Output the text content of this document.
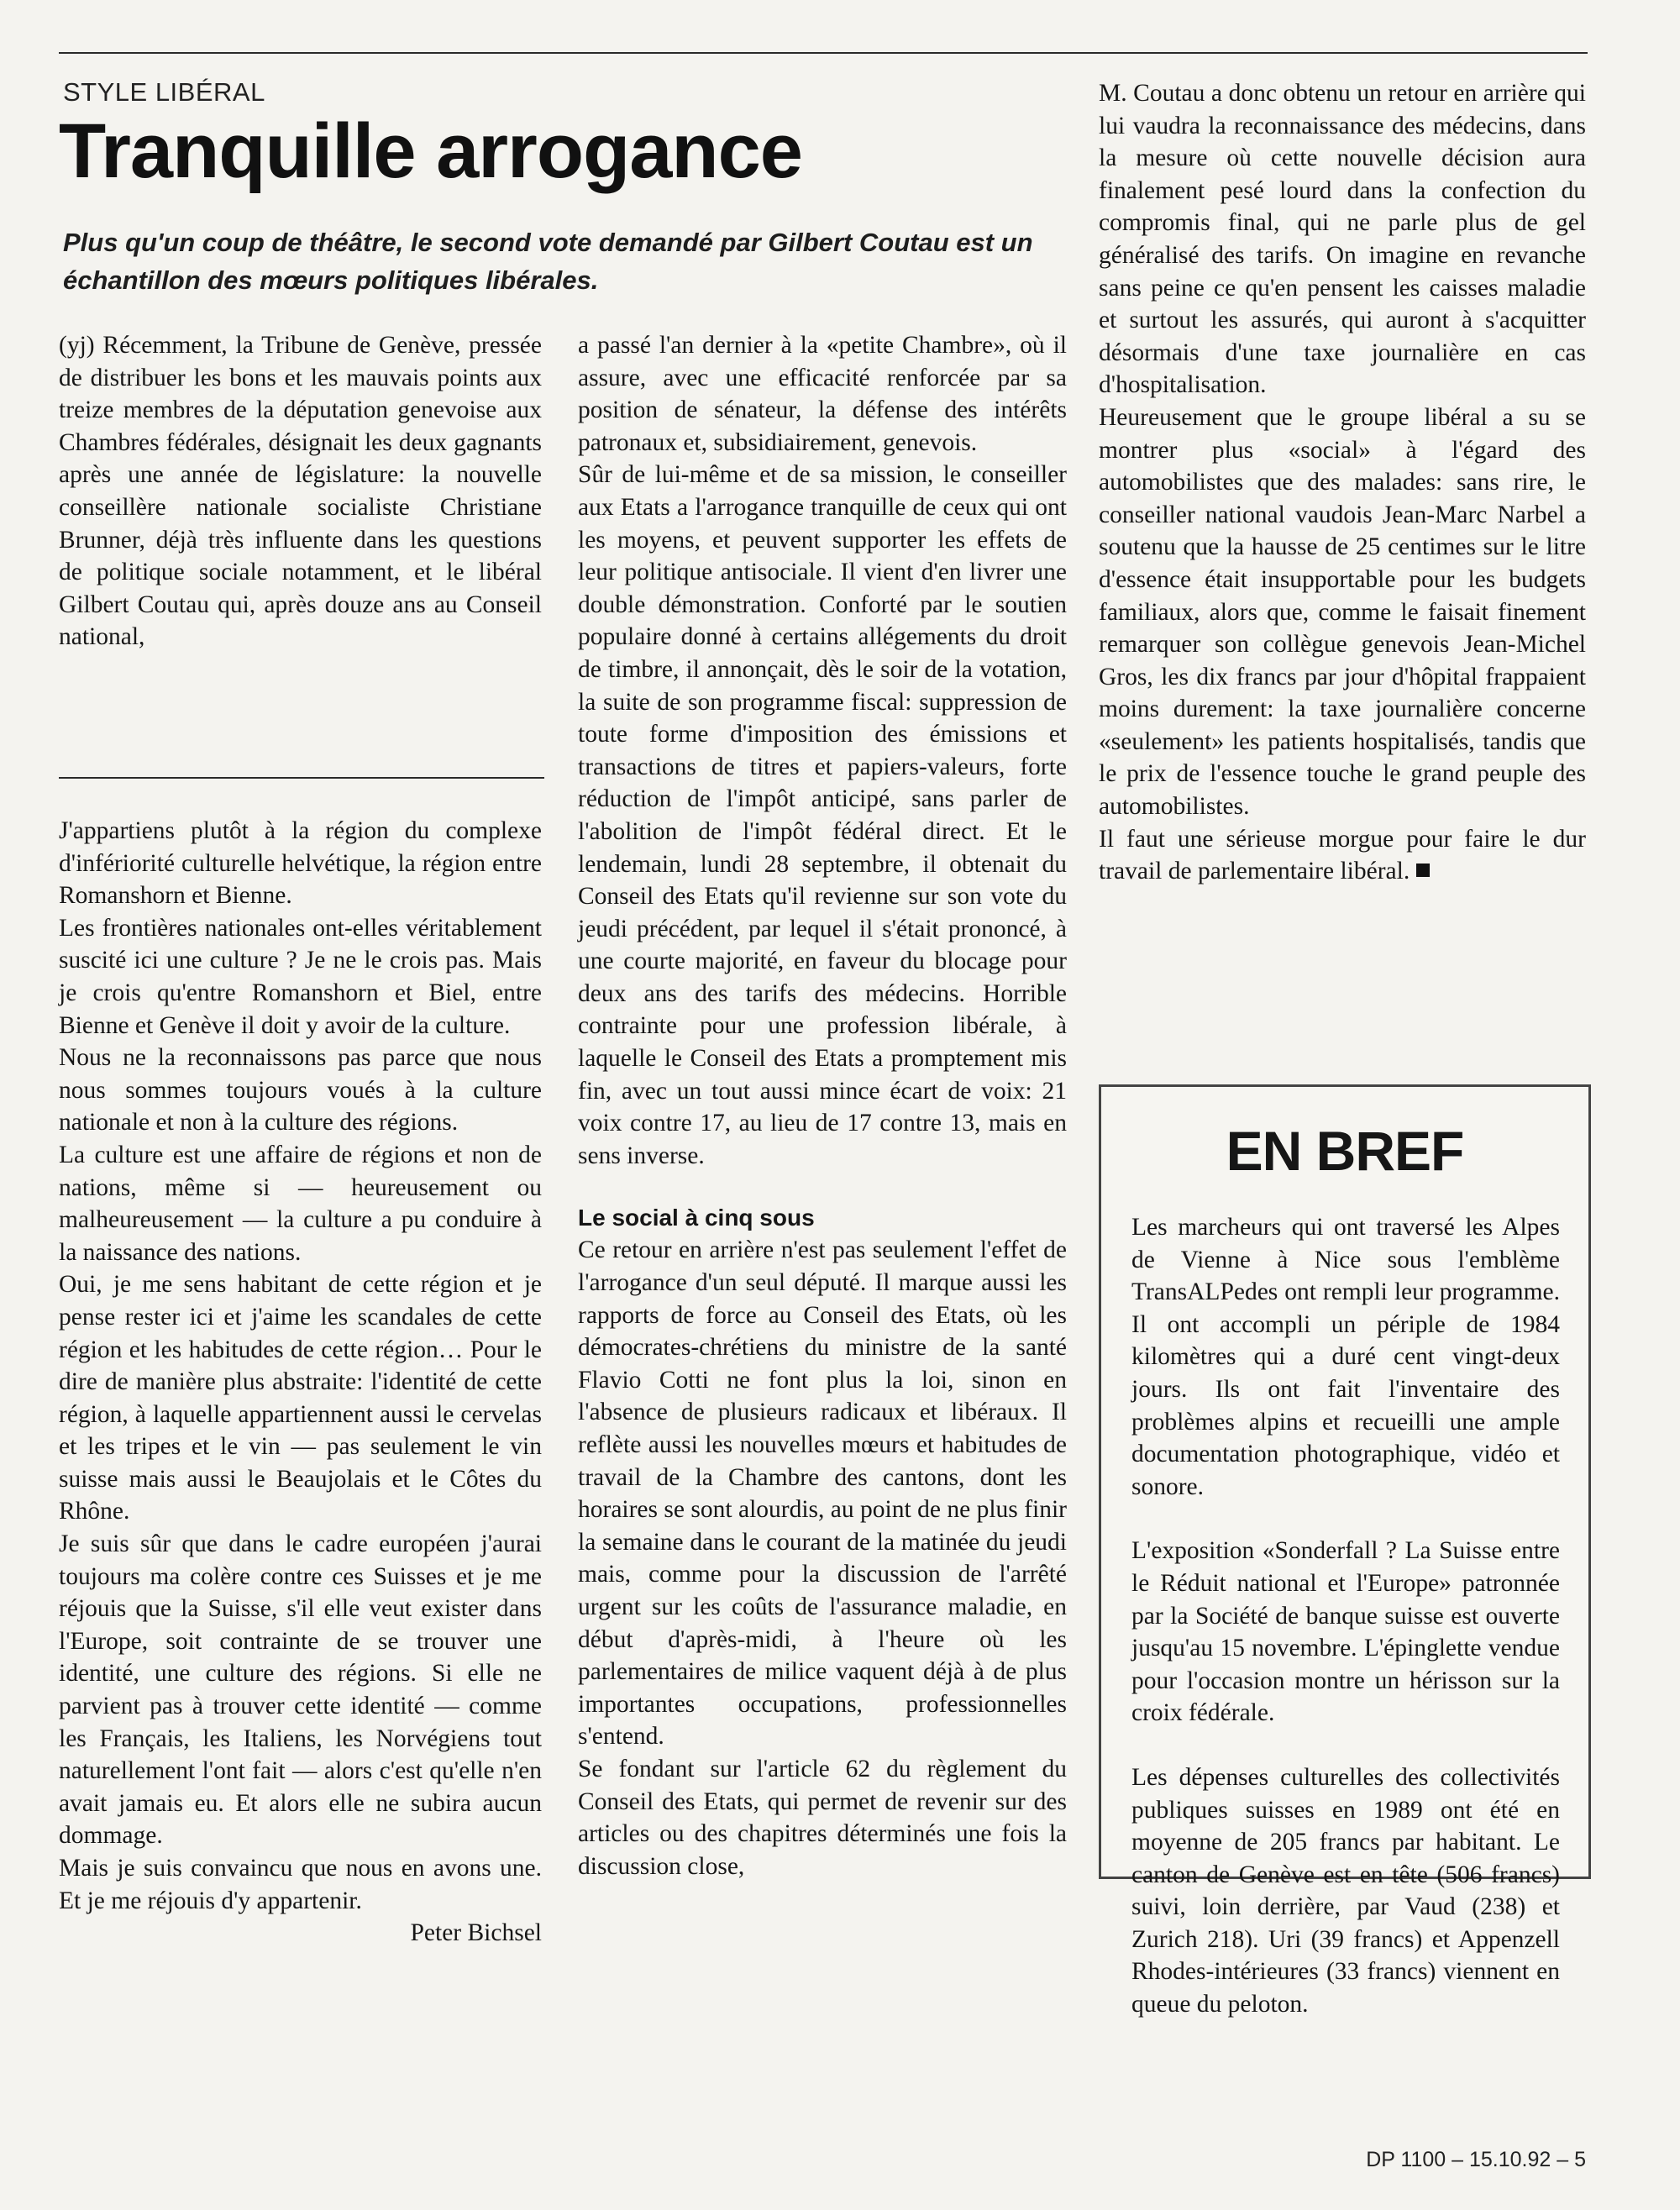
STYLE LIBÉRAL
Tranquille arrogance

Plus qu'un coup de théâtre, le second vote demandé par Gilbert Coutau est un échantillon des mœurs politiques libérales.

(yj) Récemment, la Tribune de Genève, pressée de distribuer les bons et les mauvais points aux treize membres de la députation genevoise aux Chambres fédérales, désignait les deux gagnants après une année de législature: la nouvelle conseillère nationale socialiste Christiane Brunner, déjà très influente dans les questions de politique sociale notamment, et le libéral Gilbert Coutau qui, après douze ans au Conseil national,

J'appartiens plutôt à la région du complexe d'infériorité culturelle helvétique, la région entre Romanshorn et Bienne.

Les frontières nationales ont-elles véritablement suscité ici une culture ? Je ne le crois pas. Mais je crois qu'entre Romanshorn et Biel, entre Bienne et Genève il doit y avoir de la culture.

Nous ne la reconnaissons pas parce que nous nous sommes toujours voués à la culture nationale et non à la culture des régions.

La culture est une affaire de régions et non de nations, même si — heureusement ou malheureusement — la culture a pu conduire à la naissance des nations.

Oui, je me sens habitant de cette région et je pense rester ici et j'aime les scandales de cette région et les habitudes de cette région… Pour le dire de manière plus abstraite: l'identité de cette région, à laquelle appartiennent aussi le cervelas et les tripes et le vin — pas seulement le vin suisse mais aussi le Beaujolais et le Côtes du Rhône.

Je suis sûr que dans le cadre européen j'aurai toujours ma colère contre ces Suisses et je me réjouis que la Suisse, s'il elle veut exister dans l'Europe, soit contrainte de se trouver une identité, une culture des régions. Si elle ne parvient pas à trouver cette identité — comme les Français, les Italiens, les Norvégiens tout naturellement l'ont fait — alors c'est qu'elle n'en avait jamais eu. Et alors elle ne subira aucun dommage.

Mais je suis convaincu que nous en avons une. Et je me réjouis d'y appartenir.

Peter Bichsel

a passé l'an dernier à la «petite Chambre», où il assure, avec une efficacité renforcée par sa position de sénateur, la défense des intérêts patronaux et, subsidiairement, genevois.

Sûr de lui-même et de sa mission, le conseiller aux Etats a l'arrogance tranquille de ceux qui ont les moyens, et peuvent supporter les effets de leur politique antisociale. Il vient d'en livrer une double démonstration. Conforté par le soutien populaire donné à certains allégements du droit de timbre, il annonçait, dès le soir de la votation, la suite de son programme fiscal: suppression de toute forme d'imposition des émissions et transactions de titres et papiers-valeurs, forte réduction de l'impôt anticipé, sans parler de l'abolition de l'impôt fédéral direct. Et le lendemain, lundi 28 septembre, il obtenait du Conseil des Etats qu'il revienne sur son vote du jeudi précédent, par lequel il s'était prononcé, à une courte majorité, en faveur du blocage pour deux ans des tarifs des médecins. Horrible contrainte pour une profession libérale, à laquelle le Conseil des Etats a promptement mis fin, avec un tout aussi mince écart de voix: 21 voix contre 17, au lieu de 17 contre 13, mais en sens inverse.

Le social à cinq sous

Ce retour en arrière n'est pas seulement l'effet de l'arrogance d'un seul député. Il marque aussi les rapports de force au Conseil des Etats, où les démocrates-chrétiens du ministre de la santé Flavio Cotti ne font plus la loi, sinon en l'absence de plusieurs radicaux et libéraux. Il reflète aussi les nouvelles mœurs et habitudes de travail de la Chambre des cantons, dont les horaires se sont alourdis, au point de ne plus finir la semaine dans le courant de la matinée du jeudi mais, comme pour la discussion de l'arrêté urgent sur les coûts de l'assurance maladie, en début d'après-midi, à l'heure où les parlementaires de milice vaquent déjà à de plus importantes occupations, professionnelles s'entend.

Se fondant sur l'article 62 du règlement du Conseil des Etats, qui permet de revenir sur des articles ou des chapitres déterminés une fois la discussion close,

M. Coutau a donc obtenu un retour en arrière qui lui vaudra la reconnaissance des médecins, dans la mesure où cette nouvelle décision aura finalement pesé lourd dans la confection du compromis final, qui ne parle plus de gel généralisé des tarifs. On imagine en revanche sans peine ce qu'en pensent les caisses maladie et surtout les assurés, qui auront à s'acquitter désormais d'une taxe journalière en cas d'hospitalisation.

Heureusement que le groupe libéral a su se montrer plus «social» à l'égard des automobilistes que des malades: sans rire, le conseiller national vaudois Jean-Marc Narbel a soutenu que la hausse de 25 centimes sur le litre d'essence était insupportable pour les budgets familiaux, alors que, comme le faisait finement remarquer son collègue genevois Jean-Michel Gros, les dix francs par jour d'hôpital frappaient moins durement: la taxe journalière concerne «seulement» les patients hospitalisés, tandis que le prix de l'essence touche le grand peuple des automobilistes.

Il faut une sérieuse morgue pour faire le dur travail de parlementaire libéral.

EN BREF

Les marcheurs qui ont traversé les Alpes de Vienne à Nice sous l'emblème TransALPedes ont rempli leur programme. Il ont accompli un périple de 1984 kilomètres qui a duré cent vingt-deux jours. Ils ont fait l'inventaire des problèmes alpins et recueilli une ample documentation photographique, vidéo et sonore.

L'exposition «Sonderfall ? La Suisse entre le Réduit national et l'Europe» patronnée par la Société de banque suisse est ouverte jusqu'au 15 novembre. L'épinglette vendue pour l'occasion montre un hérisson sur la croix fédérale.

Les dépenses culturelles des collectivités publiques suisses en 1989 ont été en moyenne de 205 francs par habitant. Le canton de Genève est en tête (506 francs) suivi, loin derrière, par Vaud (238) et Zurich 218). Uri (39 francs) et Appenzell Rhodes-intérieures (33 francs) viennent en queue du peloton.

DP 1100 – 15.10.92 – 5
